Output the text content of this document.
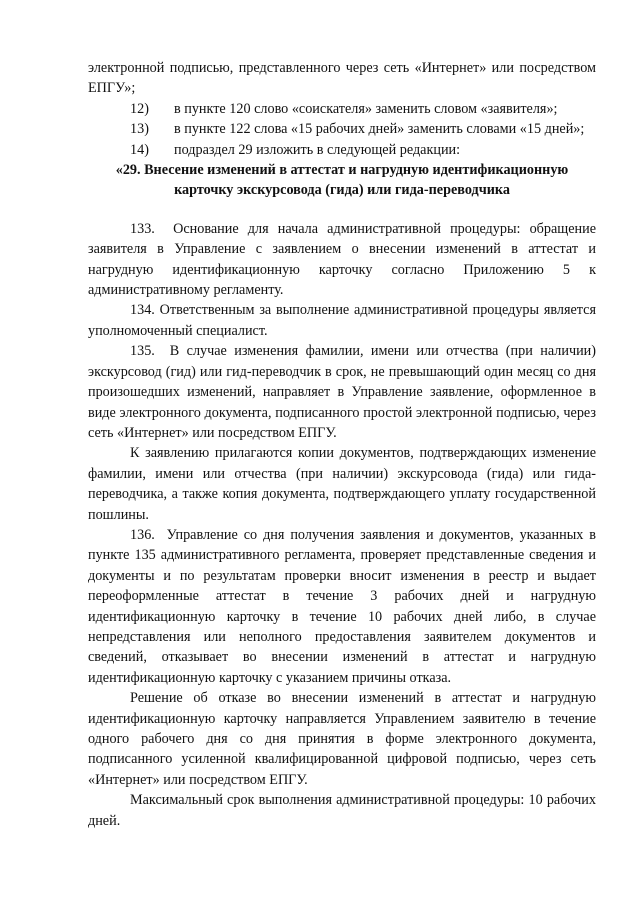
электронной подписью, представленного через сеть «Интернет» или посредством ЕПГУ»;

12)	в пункте 120 слово «соискателя» заменить словом «заявителя»;
13)	в пункте 122 слова «15 рабочих дней» заменить словами «15 дней»;
14)	подраздел 29 изложить в следующей редакции:

«29. Внесение изменений в аттестат и нагрудную идентификационную карточку экскурсовода (гида) или гида-переводчика

133.  Основание для начала административной процедуры: обращение заявителя в Управление с заявлением о внесении изменений в аттестат и нагрудную идентификационную карточку согласно Приложению 5 к административному регламенту.

134. Ответственным за выполнение административной процедуры является уполномоченный специалист.

135.  В случае изменения фамилии, имени или отчества (при наличии) экскурсовод (гид) или гид-переводчик в срок, не превышающий один месяц со дня произошедших изменений, направляет в Управление заявление, оформленное в виде электронного документа, подписанного простой электронной подписью, через сеть «Интернет» или посредством ЕПГУ.

К заявлению прилагаются копии документов, подтверждающих изменение фамилии, имени или отчества (при наличии) экскурсовода (гида) или гида-переводчика, а также копия документа, подтверждающего уплату государственной пошлины.

136.  Управление со дня получения заявления и документов, указанных в пункте 135 административного регламента, проверяет представленные сведения и документы и по результатам проверки вносит изменения в реестр и выдает переоформленные аттестат в течение 3 рабочих дней и нагрудную идентификационную карточку в течение 10 рабочих дней либо, в случае непредставления или неполного предоставления заявителем документов и сведений, отказывает во внесении изменений в аттестат и нагрудную идентификационную карточку с указанием причины отказа.

Решение об отказе во внесении изменений в аттестат и нагрудную идентификационную карточку направляется Управлением заявителю в течение одного рабочего дня со дня принятия в форме электронного документа, подписанного усиленной квалифицированной цифровой подписью, через сеть «Интернет» или посредством ЕПГУ.

Максимальный срок выполнения административной процедуры: 10 рабочих дней.
